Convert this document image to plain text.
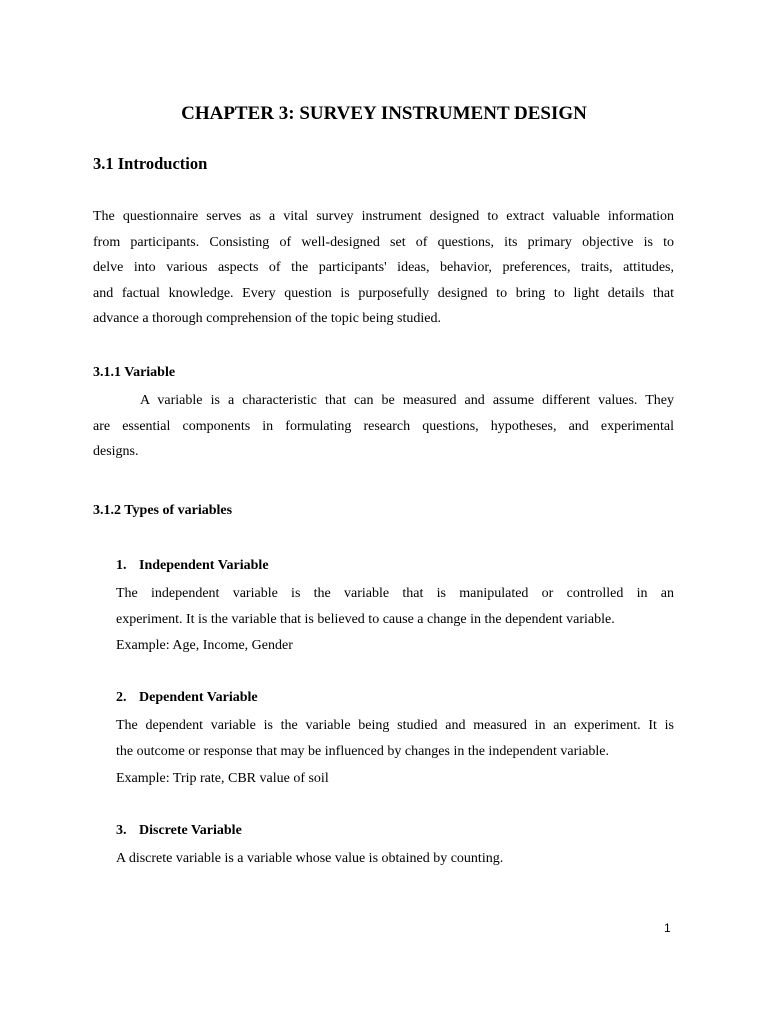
CHAPTER 3: SURVEY INSTRUMENT DESIGN
3.1 Introduction
The questionnaire serves as a vital survey instrument designed to extract valuable information
from participants. Consisting of well-designed set of questions, its primary objective is to
delve into various aspects of the participants' ideas, behavior, preferences, traits, attitudes,
and factual knowledge. Every question is purposefully designed to bring to light details that
advance a thorough comprehension of the topic being studied.
3.1.1 Variable
A variable is a characteristic that can be measured and assume different values. They
are essential components in formulating research questions, hypotheses, and experimental
designs.
3.1.2 Types of variables
1. Independent Variable
The independent variable is the variable that is manipulated or controlled in an
experiment. It is the variable that is believed to cause a change in the dependent variable.
Example: Age, Income, Gender
2. Dependent Variable
The dependent variable is the variable being studied and measured in an experiment. It is
the outcome or response that may be influenced by changes in the independent variable.
Example: Trip rate, CBR value of soil
3. Discrete Variable
A discrete variable is a variable whose value is obtained by counting.
1
